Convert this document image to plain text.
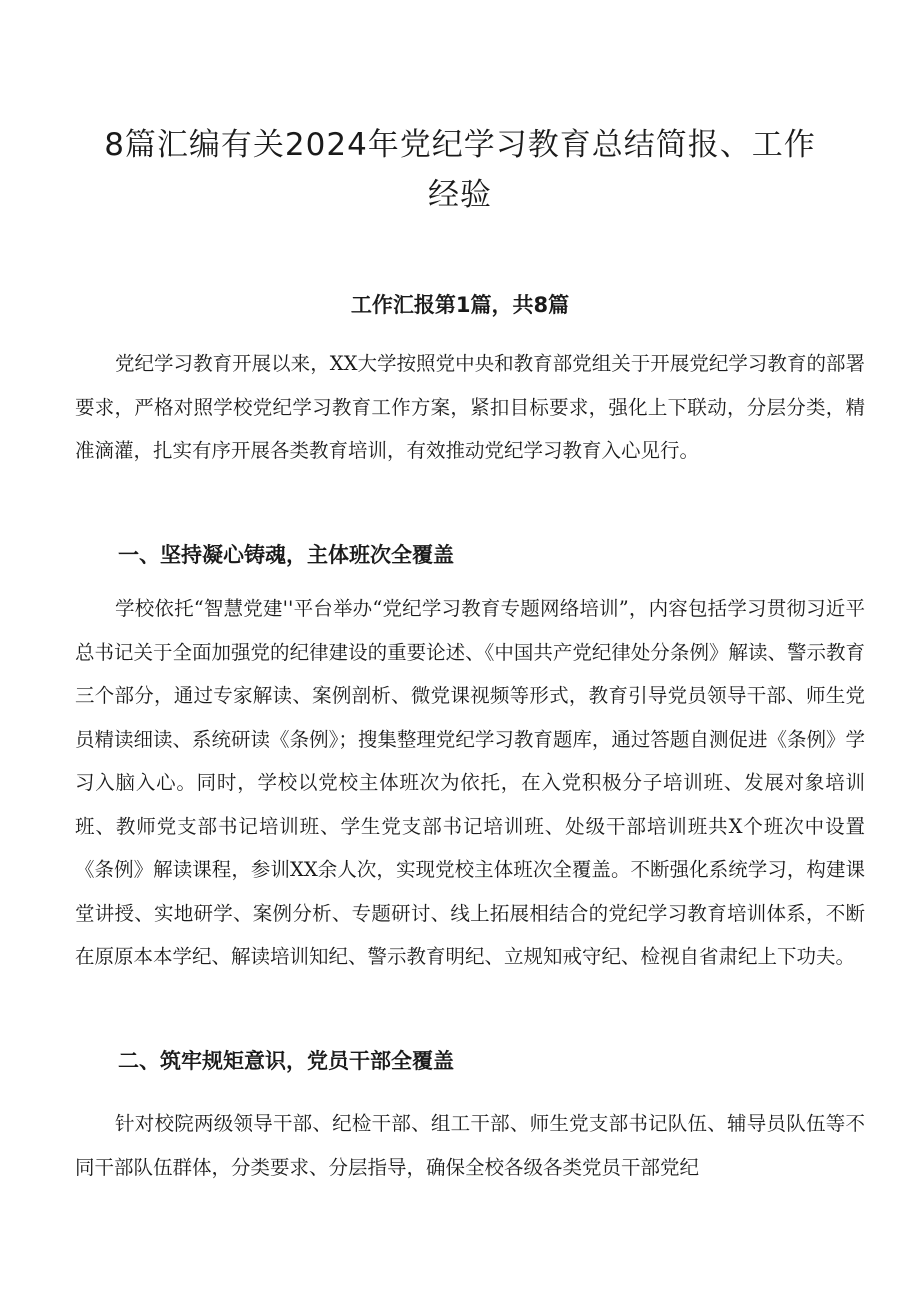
8篇汇编有关2024年党纪学习教育总结简报、工作
经验
工作汇报第1篇，共8篇

党纪学习教育开展以来，XX大学按照党中央和教育部党组关于开展党纪学习教育的部署要求，严格对照学校党纪学习教育工作方案，紧扣目标要求，强化上下联动，分层分类，精准滴灌，扎实有序开展各类教育培训，有效推动党纪学习教育入心见行。

一、坚持凝心铸魂，主体班次全覆盖

学校依托“智慧党建''平台举办“党纪学习教育专题网络培训”，内容包括学习贯彻习近平总书记关于全面加强党的纪律建设的重要论述、《中国共产党纪律处分条例》解读、警示教育三个部分，通过专家解读、案例剖析、微党课视频等形式，教育引导党员领导干部、师生党员精读细读、系统研读《条例》；搜集整理党纪学习教育题库，通过答题自测促进《条例》学习入脑入心。同时，学校以党校主体班次为依托，在入党积极分子培训班、发展对象培训班、教师党支部书记培训班、学生党支部书记培训班、处级干部培训班共X个班次中设置《条例》解读课程，参训XX余人次，实现党校主体班次全覆盖。不断强化系统学习，构建课堂讲授、实地研学、案例分析、专题研讨、线上拓展相结合的党纪学习教育培训体系，不断在原原本本学纪、解读培训知纪、警示教育明纪、立规知戒守纪、检视自省肃纪上下功夫。

二、筑牢规矩意识，党员干部全覆盖

针对校院两级领导干部、纪检干部、组工干部、师生党支部书记队伍、辅导员队伍等不同干部队伍群体，分类要求、分层指导，确保全校各级各类党员干部党纪
